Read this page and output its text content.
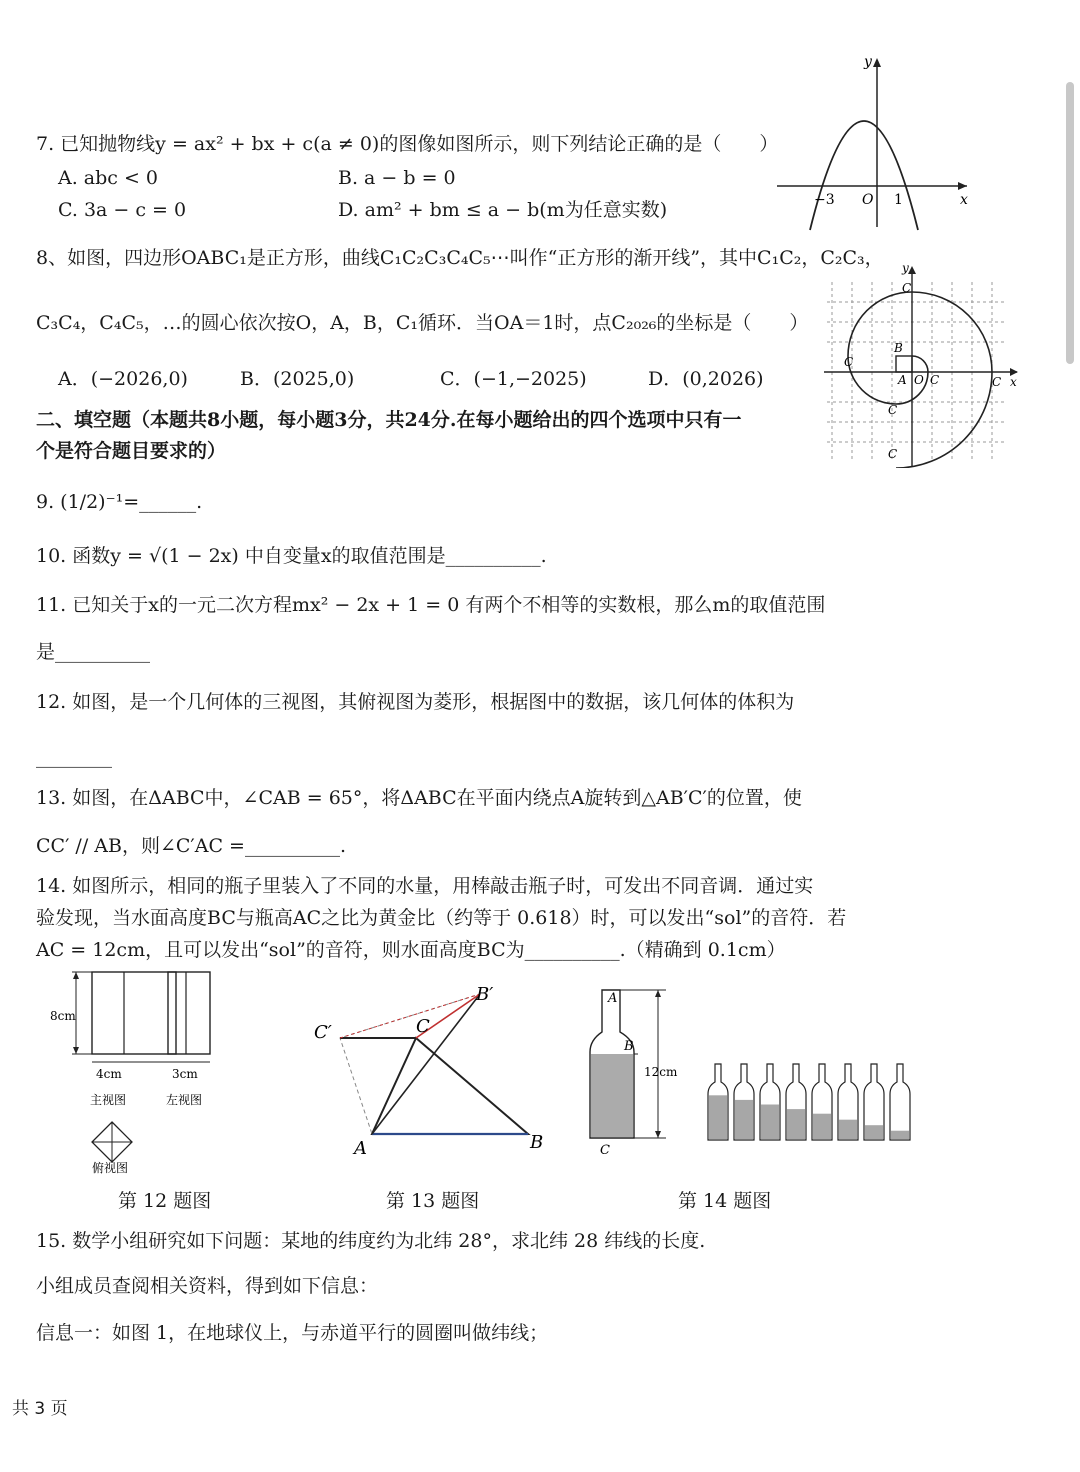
7. 已知抛物线y = ax² + bx + c(a ≠ 0)的图像如图所示，则下列结论正确的是（　　）
A. abc < 0	B. a − b = 0
C. 3a − c = 0	D. am² + bm ≤ a − b(m为任意实数)
y
x
O
−3	1
8、如图，四边形OABC₁是正方形，曲线C₁C₂C₃C₄C₅⋯叫作“正方形的渐开线”，其中C₁C₂，C₂C₃，
C₃C₄，C₄C₅，…的圆心依次按O，A，B，C₁循环．当OA＝1时，点C₂₀₂₆的坐标是（　　）
A．(−2026,0)	B．(2025,0)	C．(−1,−2025)	D．(0,2026)
y
x
C
B
C
A O C	C
C
C
二、填空题（本题共8小题，每小题3分，共24分.在每小题给出的四个选项中只有一
个是符合题目要求的）
9. (1/2)⁻¹=______.
10. 函数y = √(1 − 2x) 中自变量x的取值范围是__________.
11. 已知关于x的一元二次方程mx² − 2x + 1 = 0 有两个不相等的实数根，那么m的取值范围
是__________
12. 如图，是一个几何体的三视图，其俯视图为菱形，根据图中的数据，该几何体的体积为
________
13. 如图，在ΔABC中，∠CAB = 65°，将ΔABC在平面内绕点A旋转到△AB′C′的位置，使
CC′ // AB，则∠C′AC =__________.
14. 如图所示，相同的瓶子里装入了不同的水量，用棒敲击瓶子时，可发出不同音调．通过实
验发现，当水面高度BC与瓶高AC之比为黄金比（约等于 0.618）时，可以发出“sol”的音符．若
AC = 12cm，且可以发出“sol”的音符，则水面高度BC为__________.（精确到 0.1cm）
8cm
4cm	3cm
主视图	左视图
俯视图
C′	C
B′
A	B
A
B
C
12cm
第 12 题图	第 13 题图	第 14 题图
15. 数学小组研究如下问题：某地的纬度约为北纬 28°，求北纬 28 纬线的长度.
小组成员查阅相关资料，得到如下信息：
信息一：如图 1，在地球仪上，与赤道平行的圆圈叫做纬线；
共 3 页
